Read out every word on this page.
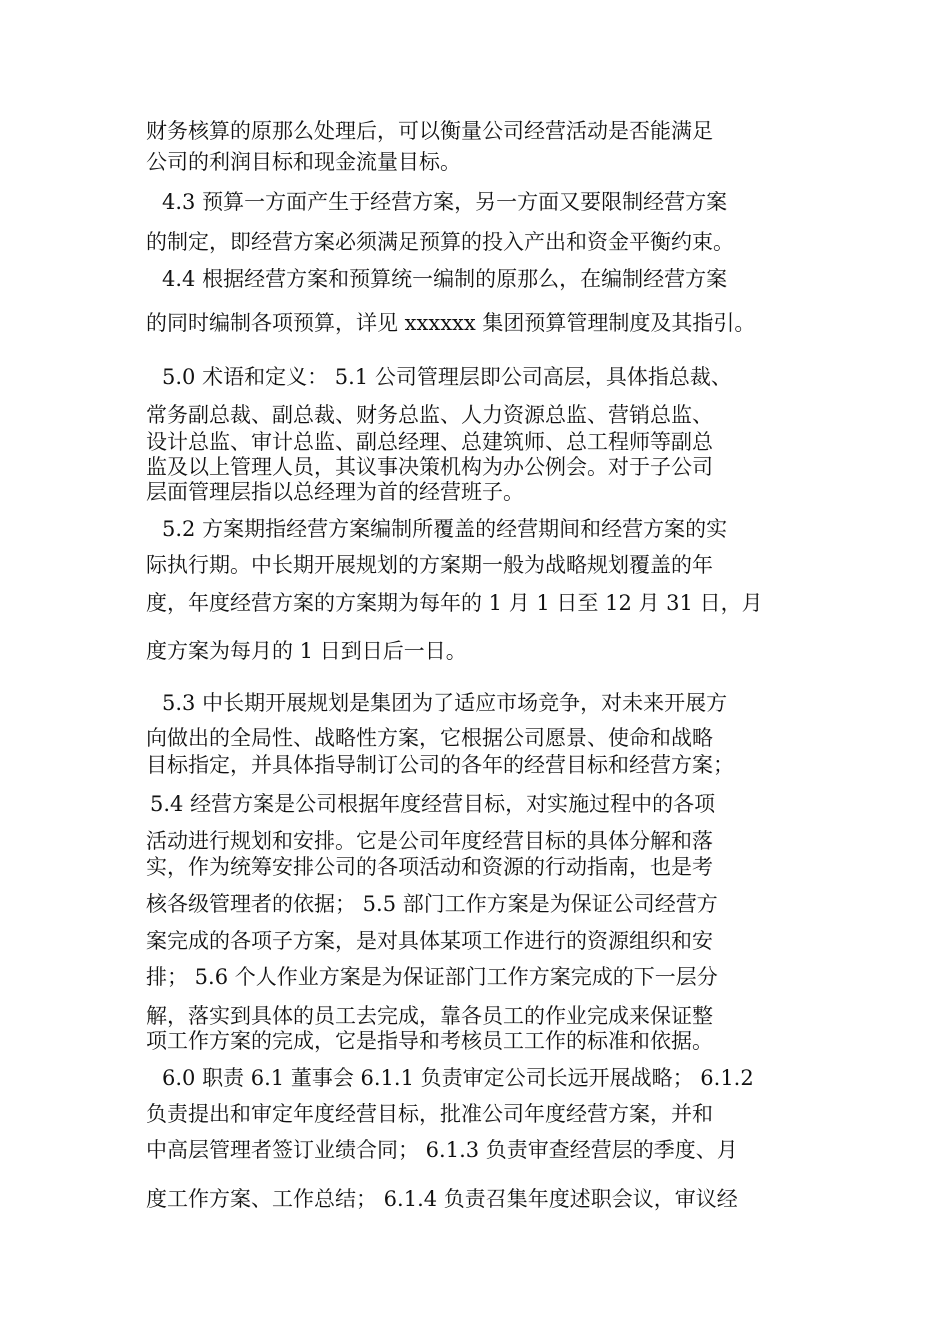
财务核算的原那么处理后，可以衡量公司经营活动是否能满足
公司的利润目标和现金流量目标。
4.3 预算一方面产生于经营方案，另一方面又要限制经营方案
的制定，即经营方案必须满足预算的投入产出和资金平衡约束。
4.4 根据经营方案和预算统一编制的原那么，在编制经营方案
的同时编制各项预算，详见 xxxxxx 集团预算管理制度及其指引。
5.0 术语和定义： 5.1 公司管理层即公司高层，具体指总裁、
常务副总裁、副总裁、财务总监、人力资源总监、营销总监、
设计总监、审计总监、副总经理、总建筑师、总工程师等副总
监及以上管理人员，其议事决策机构为办公例会。对于子公司
层面管理层指以总经理为首的经营班子。
5.2 方案期指经营方案编制所覆盖的经营期间和经营方案的实
际执行期。中长期开展规划的方案期一般为战略规划覆盖的年
度，年度经营方案的方案期为每年的 1 月 1 日至 12 月 31 日，月
度方案为每月的 1 日到日后一日。
5.3 中长期开展规划是集团为了适应市场竞争，对未来开展方
向做出的全局性、战略性方案，它根据公司愿景、使命和战略
目标指定，并具体指导制订公司的各年的经营目标和经营方案；
5.4 经营方案是公司根据年度经营目标，对实施过程中的各项
活动进行规划和安排。它是公司年度经营目标的具体分解和落
实，作为统筹安排公司的各项活动和资源的行动指南，也是考
核各级管理者的依据； 5.5 部门工作方案是为保证公司经营方
案完成的各项子方案，是对具体某项工作进行的资源组织和安
排； 5.6 个人作业方案是为保证部门工作方案完成的下一层分
解，落实到具体的员工去完成，靠各员工的作业完成来保证整
项工作方案的完成，它是指导和考核员工工作的标准和依据。
6.0 职责 6.1 董事会 6.1.1 负责审定公司长远开展战略； 6.1.2
负责提出和审定年度经营目标，批准公司年度经营方案，并和
中高层管理者签订业绩合同； 6.1.3 负责审查经营层的季度、月
度工作方案、工作总结； 6.1.4 负责召集年度述职会议，审议经
